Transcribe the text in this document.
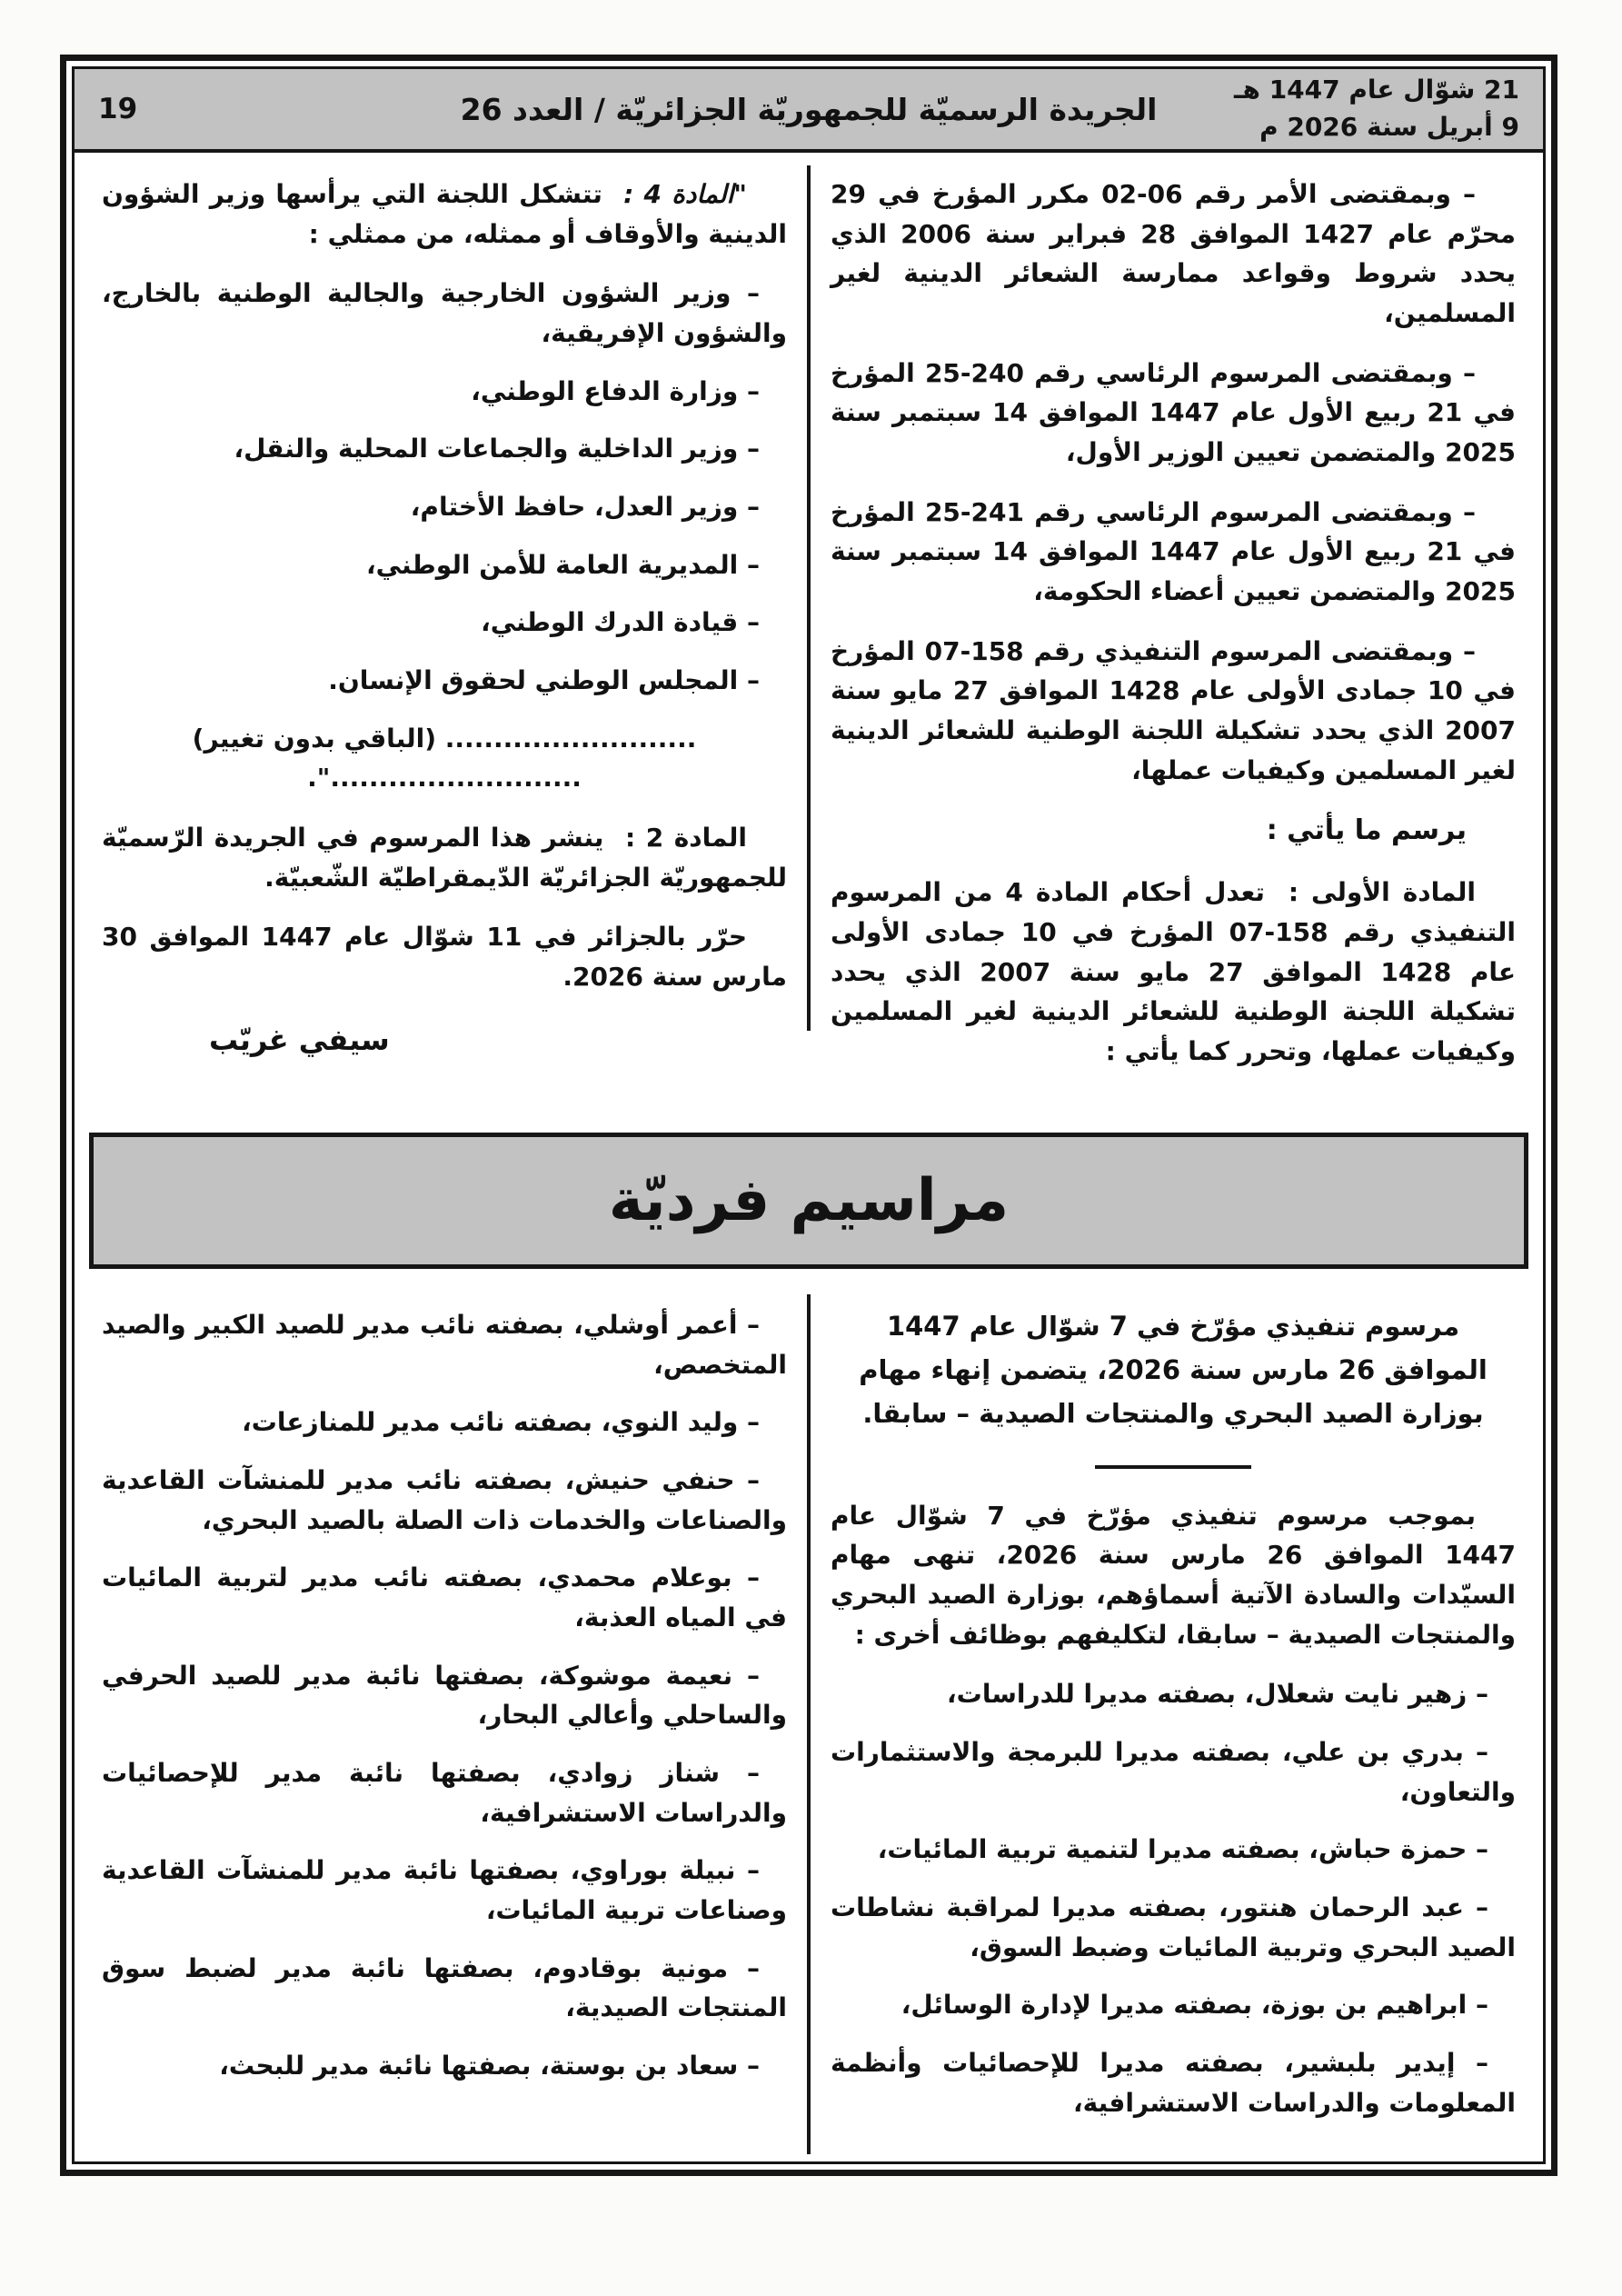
21 شوّال عام 1447 هـ
9 أبريل سنة 2026 م
الجريدة الرسميّة للجمهوريّة الجزائريّة / العدد 26
19

– وبمقتضى الأمر رقم 06-02 مكرر المؤرخ في 29 محرّم عام 1427 الموافق 28 فبراير سنة 2006 الذي يحدد شروط وقواعد ممارسة الشعائر الدينية لغير المسلمين،

– وبمقتضى المرسوم الرئاسي رقم 240-25 المؤرخ في 21 ربيع الأول عام 1447 الموافق 14 سبتمبر سنة 2025 والمتضمن تعيين الوزير الأول،

– وبمقتضى المرسوم الرئاسي رقم 241-25 المؤرخ في 21 ربيع الأول عام 1447 الموافق 14 سبتمبر سنة 2025 والمتضمن تعيين أعضاء الحكومة،

– وبمقتضى المرسوم التنفيذي رقم 158-07 المؤرخ في 10 جمادى الأولى عام 1428 الموافق 27 مايو سنة 2007 الذي يحدد تشكيلة اللجنة الوطنية للشعائر الدينية لغير المسلمين وكيفيات عملها،

يرسم ما يأتي :

المادة الأولى : تعدل أحكام المادة 4 من المرسوم التنفيذي رقم 158-07 المؤرخ في 10 جمادى الأولى عام 1428 الموافق 27 مايو سنة 2007 الذي يحدد تشكيلة اللجنة الوطنية للشعائر الدينية لغير المسلمين وكيفيات عملها، وتحرر كما يأتي :

"المادة 4 : تتشكل اللجنة التي يرأسها وزير الشؤون الدينية والأوقاف أو ممثله، من ممثلي :

– وزير الشؤون الخارجية والجالية الوطنية بالخارج، والشؤون الإفريقية،

– وزارة الدفاع الوطني،

– وزير الداخلية والجماعات المحلية والنقل،

– وزير العدل، حافظ الأختام،

– المديرية العامة للأمن الوطني،

– قيادة الدرك الوطني،

– المجلس الوطني لحقوق الإنسان.

.......................... (الباقي بدون تغيير) ..........................".

المادة 2 : ينشر هذا المرسوم في الجريدة الرّسميّة للجمهوريّة الجزائريّة الدّيمقراطيّة الشّعبيّة.

حرّر بالجزائر في 11 شوّال عام 1447 الموافق 30 مارس سنة 2026.

سيفي غريّب

مراسيم فرديّة

مرسوم تنفيذي مؤرّخ في 7 شوّال عام 1447 الموافق 26 مارس سنة 2026، يتضمن إنهاء مهام بوزارة الصيد البحري والمنتجات الصيدية – سابقا.

بموجب مرسوم تنفيذي مؤرّخ في 7 شوّال عام 1447 الموافق 26 مارس سنة 2026، تنهى مهام السيّدات والسادة الآتية أسماؤهم، بوزارة الصيد البحري والمنتجات الصيدية – سابقا، لتكليفهم بوظائف أخرى :

– زهير نايت شعلال، بصفته مديرا للدراسات،

– بدري بن علي، بصفته مديرا للبرمجة والاستثمارات والتعاون،

– حمزة حباش، بصفته مديرا لتنمية تربية المائيات،

– عبد الرحمان هنتور، بصفته مديرا لمراقبة نشاطات الصيد البحري وتربية المائيات وضبط السوق،

– ابراهيم بن بوزة، بصفته مديرا لإدارة الوسائل،

– إيدير بلبشير، بصفته مديرا للإحصائيات وأنظمة المعلومات والدراسات الاستشرافية،

– أعمر أوشلي، بصفته نائب مدير للصيد الكبير والصيد المتخصص،

– وليد النوي، بصفته نائب مدير للمنازعات،

– حنفي حنيش، بصفته نائب مدير للمنشآت القاعدية والصناعات والخدمات ذات الصلة بالصيد البحري،

– بوعلام محمدي، بصفته نائب مدير لتربية المائيات في المياه العذبة،

– نعيمة موشوكة، بصفتها نائبة مدير للصيد الحرفي والساحلي وأعالي البحار،

– شناز زوادي، بصفتها نائبة مدير للإحصائيات والدراسات الاستشرافية،

– نبيلة بوراوي، بصفتها نائبة مدير للمنشآت القاعدية وصناعات تربية المائيات،

– مونية بوقادوم، بصفتها نائبة مدير لضبط سوق المنتجات الصيدية،

– سعاد بن بوستة، بصفتها نائبة مدير للبحث،
